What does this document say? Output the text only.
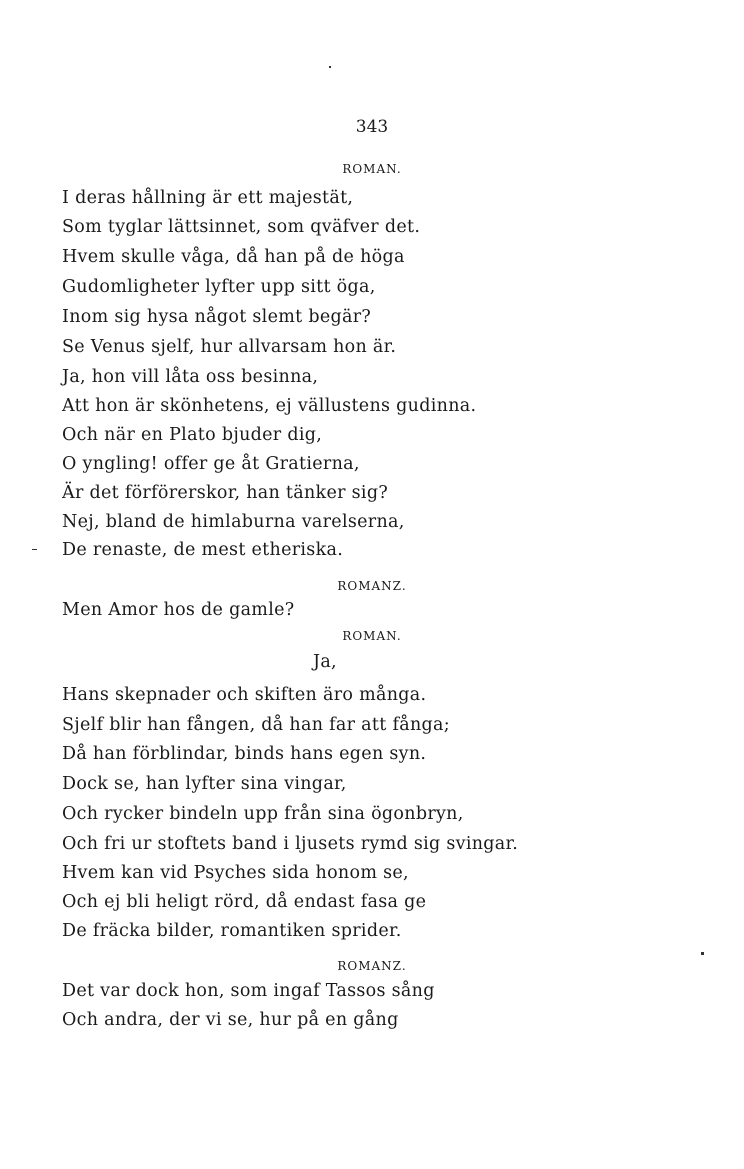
343
ROMAN.
I deras hållning är ett majestät,
Som tyglar lättsinnet, som qväfver det.
Hvem skulle våga, då han på de höga
Gudomligheter lyfter upp sitt öga,
Inom sig hysa något slemt begär?
Se Venus sjelf, hur allvarsam hon är.
Ja, hon vill låta oss besinna,
Att hon är skönhetens, ej vällustens gudinna.
Och när en Plato bjuder dig,
O yngling! offer ge åt Gratierna,
Är det förförerskor, han tänker sig?
Nej, bland de himlaburna varelserna,
De renaste, de mest etheriska.
ROMANZ.
Men Amor hos de gamle?
ROMAN.
Ja,
Hans skepnader och skiften äro många.
Sjelf blir han fången, då han far att fånga;
Då han förblindar, binds hans egen syn.
Dock se, han lyfter sina vingar,
Och rycker bindeln upp från sina ögonbryn,
Och fri ur stoftets band i ljusets rymd sig svingar.
Hvem kan vid Psyches sida honom se,
Och ej bli heligt rörd, då endast fasa ge
De fräcka bilder, romantiken sprider.
ROMANZ.
Det var dock hon, som ingaf Tassos sång
Och andra, der vi se, hur på en gång
